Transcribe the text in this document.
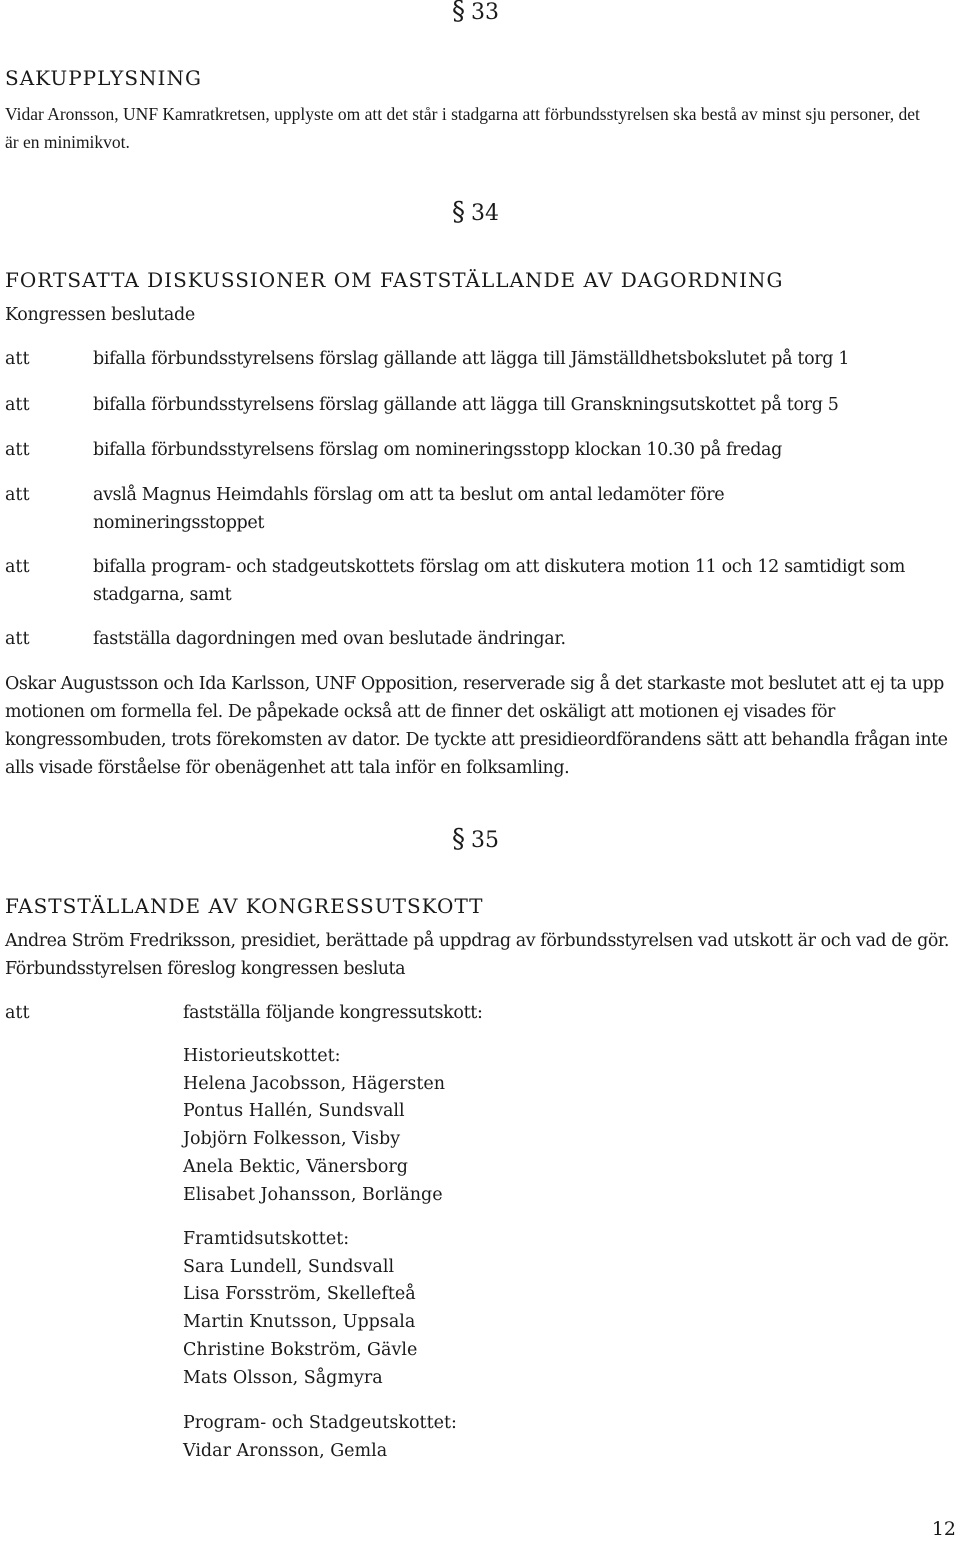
§ 33
SAKUPPLYSNING
Vidar Aronsson, UNF Kamratkretsen, upplyste om att det står i stadgarna att förbundsstyrelsen ska bestå av minst sju personer, det är en minimikvot.
§ 34
FORTSATTA DISKUSSIONER OM FASTSTÄLLANDE AV DAGORDNING
Kongressen beslutade
att	bifalla förbundsstyrelsens förslag gällande att lägga till Jämställdhetsbokslutet på torg 1
att	bifalla förbundsstyrelsens förslag gällande att lägga till Granskningsutskottet på torg 5
att	bifalla förbundsstyrelsens förslag om nomineringsstopp klockan 10.30 på fredag
att	avslå Magnus Heimdahls förslag om att ta beslut om antal ledamöter före nomineringsstoppet
att	bifalla program- och stadgeutskottets förslag om att diskutera motion 11 och 12 samtidigt som stadgarna, samt
att	fastställa dagordningen med ovan beslutade ändringar.
Oskar Augustsson och Ida Karlsson, UNF Opposition, reserverade sig å det starkaste mot beslutet att ej ta upp motionen om formella fel. De påpekade också att de finner det oskäligt att motionen ej visades för kongressombuden, trots förekomsten av dator. De tyckte att presidieordförandens sätt att behandla frågan inte alls visade förståelse för obenägenhet att tala inför en folksamling.
§ 35
FASTSTÄLLANDE AV KONGRESSUTSKOTT
Andrea Ström Fredriksson, presidiet, berättade på uppdrag av förbundsstyrelsen vad utskott är och vad de gör. Förbundsstyrelsen föreslog kongressen besluta
att	fastställa följande kongressutskott:
Historieutskottet:
Helena Jacobsson, Hägersten
Pontus Hallén, Sundsvall
Jobjörn Folkesson, Visby
Anela Bektic, Vänersborg
Elisabet Johansson, Borlänge
Framtidsutskottet:
Sara Lundell, Sundsvall
Lisa Forsström, Skellefteå
Martin Knutsson, Uppsala
Christine Bokström, Gävle
Mats Olsson, Sågmyra
Program- och Stadgeutskottet:
Vidar Aronsson, Gemla
12
